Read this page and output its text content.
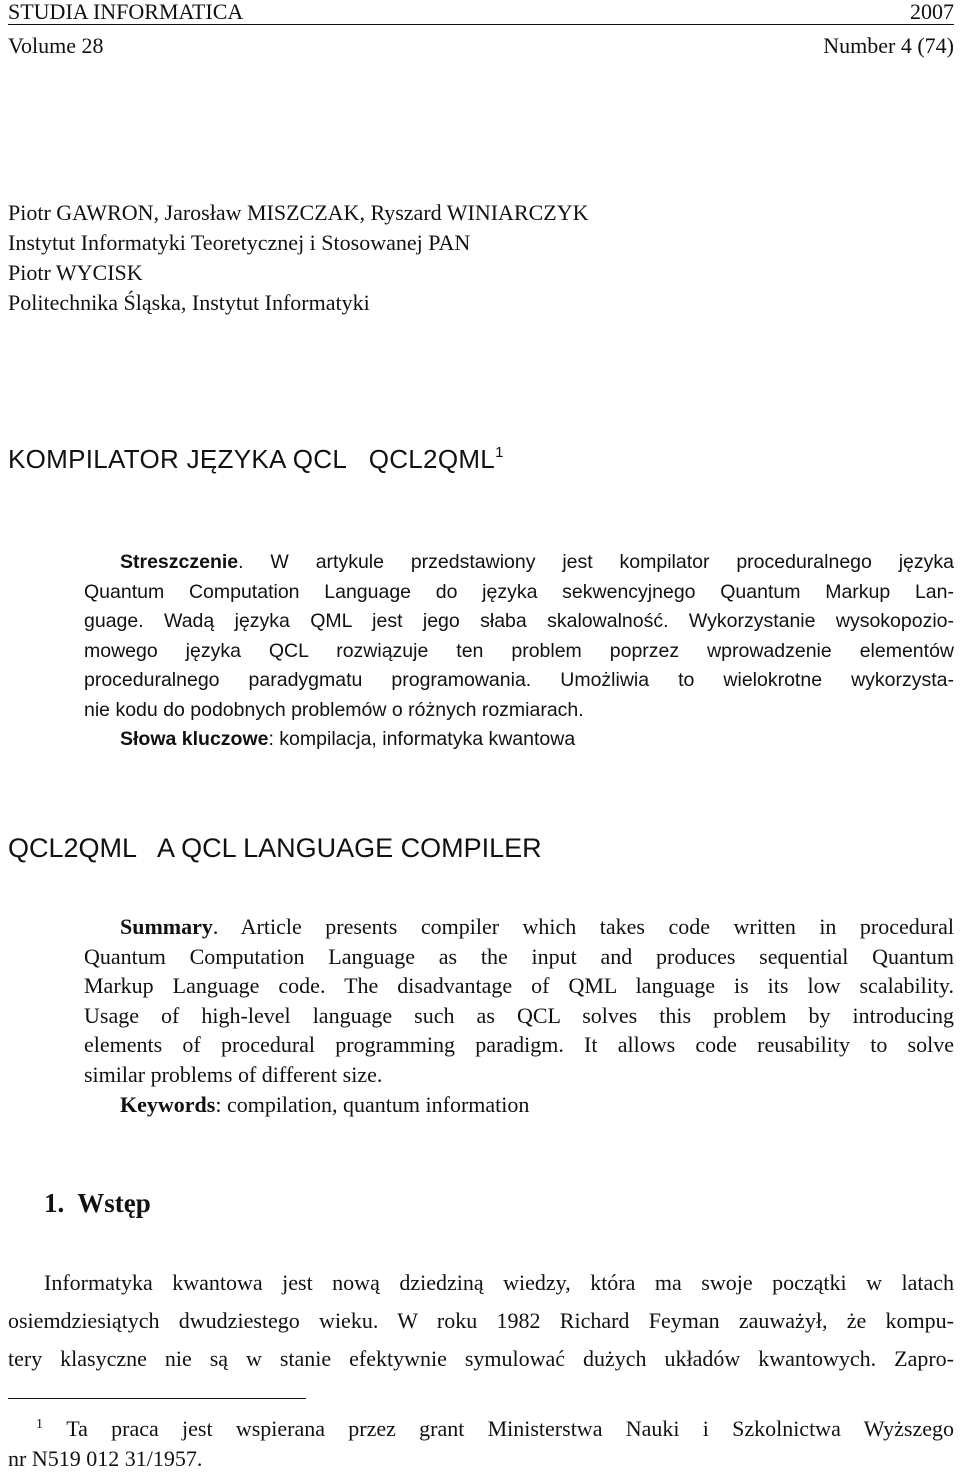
STUDIA INFORMATICA	2007
Volume 28	Number 4 (74)
Piotr GAWRON, Jarosław MISZCZAK, Ryszard WINIARCZYK
Instytut Informatyki Teoretycznej i Stosowanej PAN
Piotr WYCISK
Politechnika Śląska, Instytut Informatyki
KOMPILATOR JĘZYKA QCL   QCL2QML$^1$
Streszczenie. W artykule przedstawiony jest kompilator proceduralnego języka
Quantum Computation Language do języka sekwencyjnego Quantum Markup Lan-
guage. Wadą języka QML jest jego słaba skalowalność. Wykorzystanie wysokopozio-
mowego języka QCL rozwiązuje ten problem poprzez wprowadzenie elementów
proceduralnego paradygmatu programowania. Umożliwia to wielokrotne wykorzysta-
nie kodu do podobnych problemów o różnych rozmiarach.
Słowa kluczowe: kompilacja, informatyka kwantowa
QCL2QML   A QCL LANGUAGE COMPILER
Summary. Article presents compiler which takes code written in procedural
Quantum Computation Language as the input and produces sequential Quantum
Markup Language code. The disadvantage of QML language is its low scalability.
Usage of high-level language such as QCL solves this problem by introducing
elements of procedural programming paradigm. It allows code reusability to solve
similar problems of different size.
Keywords: compilation, quantum information
1.  Wstęp
Informatyka kwantowa jest nową dziedziną wiedzy, która ma swoje początki w latach
osiemdziesiątych dwudziestego wieku. W roku 1982 Richard Feyman zauważył, że kompu-
tery klasyczne nie są w stanie efektywnie symulować dużych układów kwantowych. Zapro-
$^1$ Ta praca jest wspierana przez grant Ministerstwa Nauki i Szkolnictwa Wyższego
nr N519 012 31/1957.
